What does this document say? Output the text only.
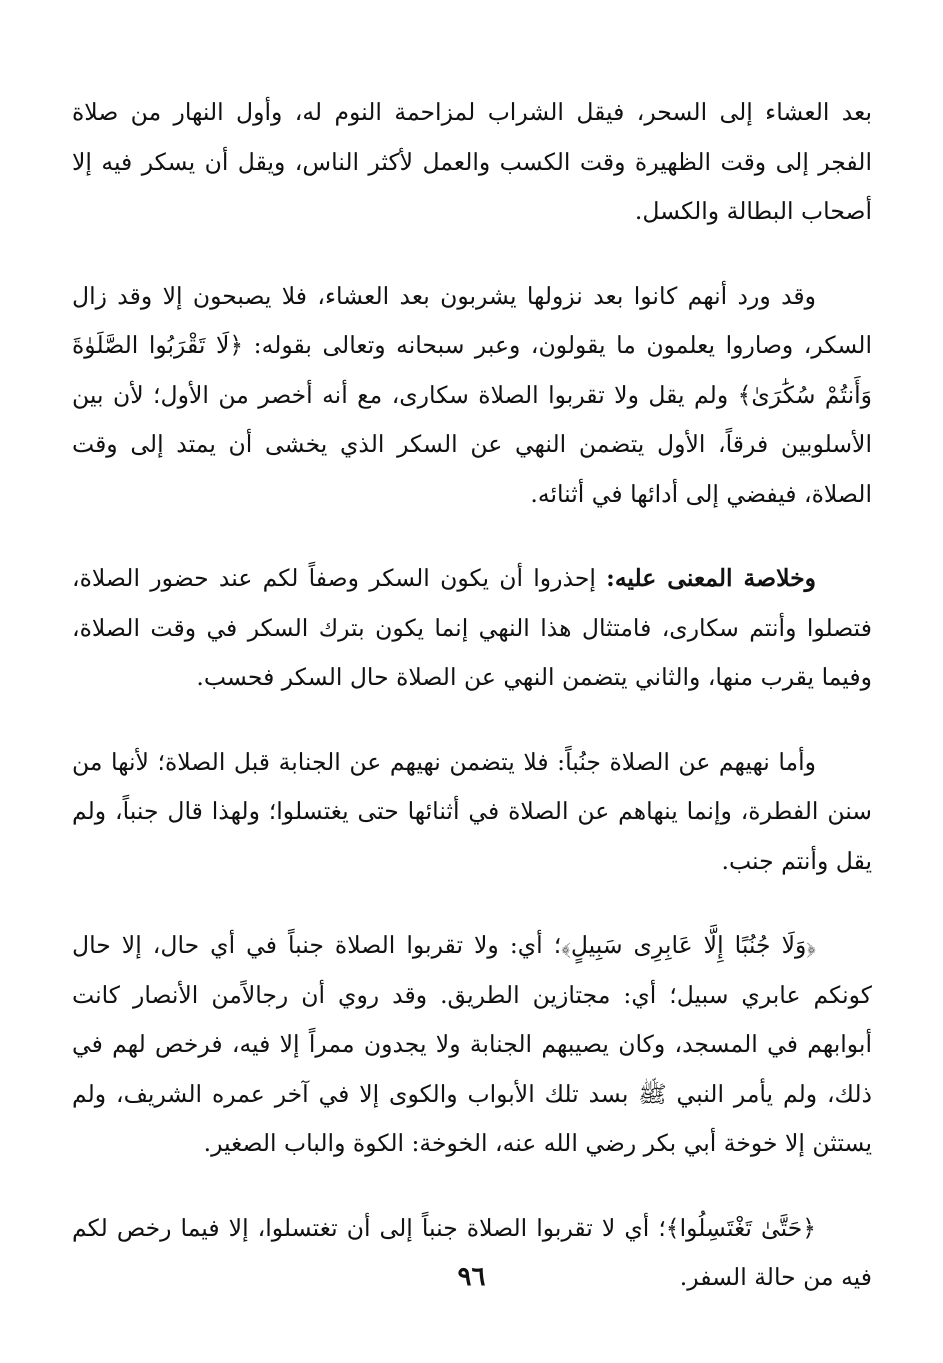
بعد العشاء إلى السحر، فيقل الشراب لمزاحمة النوم له، وأول النهار من صلاة الفجر إلى وقت الظهيرة وقت الكسب والعمل لأكثر الناس، ويقل أن يسكر فيه إلا أصحاب البطالة والكسل.

وقد ورد أنهم كانوا بعد نزولها يشربون بعد العشاء، فلا يصبحون إلا وقد زال السكر، وصاروا يعلمون ما يقولون، وعبر سبحانه وتعالى بقوله: ﴿لَا تَقْرَبُوا الصَّلَوٰةَ وَأَنتُمْ سُكَٰرَىٰ﴾ ولم يقل ولا تقربوا الصلاة سكارى، مع أنه أخصر من الأول؛ لأن بين الأسلوبين فرقاً، الأول يتضمن النهي عن السكر الذي يخشى أن يمتد إلى وقت الصلاة، فيفضي إلى أدائها في أثنائه.

وخلاصة المعنى عليه: إحذروا أن يكون السكر وصفاً لكم عند حضور الصلاة، فتصلوا وأنتم سكارى، فامتثال هذا النهي إنما يكون بترك السكر في وقت الصلاة، وفيما يقرب منها، والثاني يتضمن النهي عن الصلاة حال السكر فحسب.

وأما نهيهم عن الصلاة جنُباً: فلا يتضمن نهيهم عن الجنابة قبل الصلاة؛ لأنها من سنن الفطرة، وإنما ينهاهم عن الصلاة في أثنائها حتى يغتسلوا؛ ولهذا قال جنباً، ولم يقل وأنتم جنب.

﴿وَلَا جُنُبًا إِلَّا عَابِرِى سَبِيلٍ﴾؛ أي: ولا تقربوا الصلاة جنباً في أي حال، إلا حال كونكم عابري سبيل؛ أي: مجتازين الطريق. وقد روي أن رجالاًمن الأنصار كانت أبوابهم في المسجد، وكان يصيبهم الجنابة ولا يجدون ممراً إلا فيه، فرخص لهم في ذلك، ولم يأمر النبي ﷺ بسد تلك الأبواب والكوى إلا في آخر عمره الشريف، ولم يستثن إلا خوخة أبي بكر رضي الله عنه، الخوخة: الكوة والباب الصغير.

﴿حَتَّىٰ تَغْتَسِلُوا﴾؛ أي لا تقربوا الصلاة جنباً إلى أن تغتسلوا، إلا فيما رخص لكم فيه من حالة السفر.

٩٦
